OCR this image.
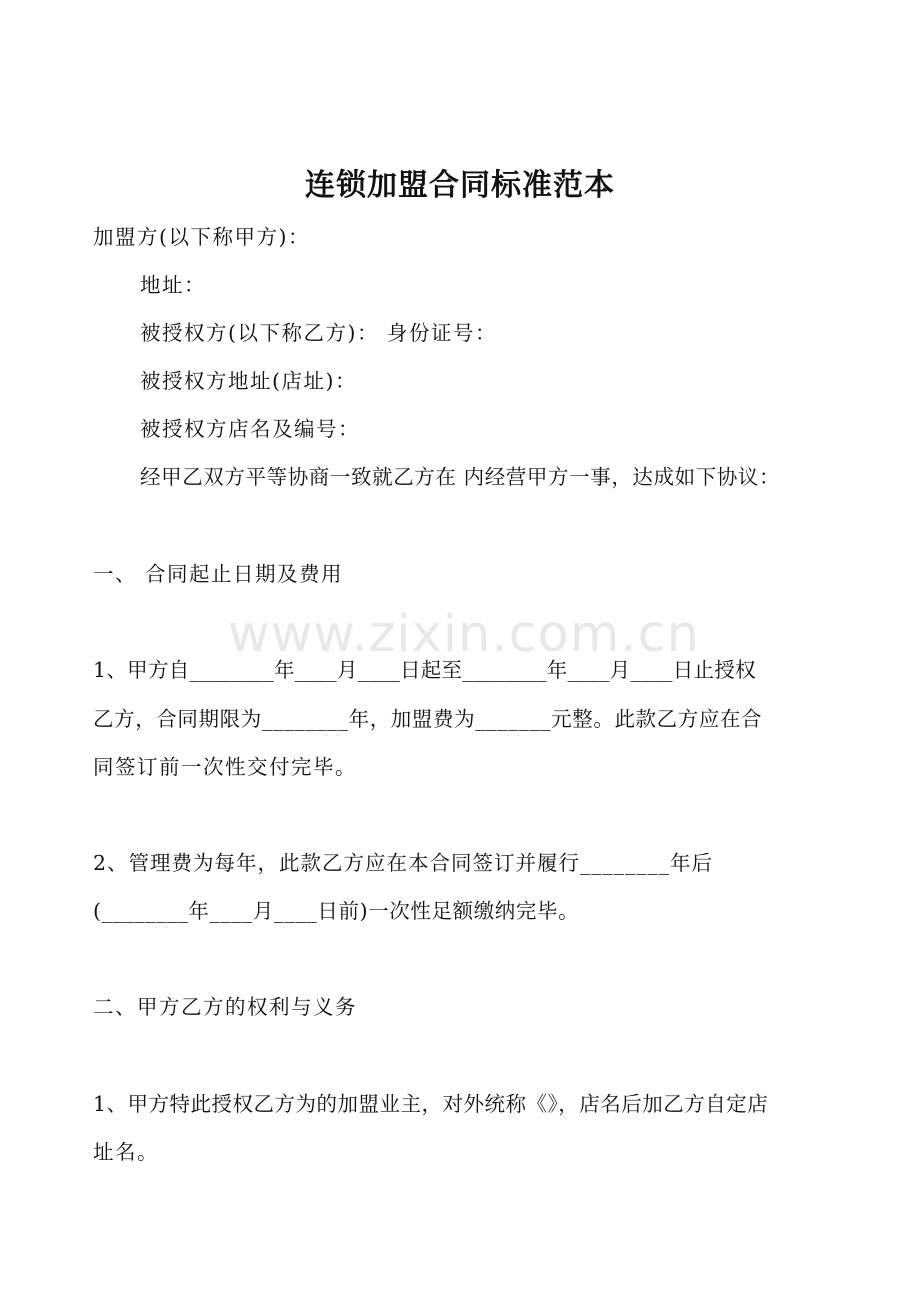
连锁加盟合同标准范本
加盟方(以下称甲方)：
地址：
被授权方(以下称乙方)： 身份证号：
被授权方地址(店址)：
被授权方店名及编号：
经甲乙双方平等协商一致就乙方在 内经营甲方一事，达成如下协议：
一、 合同起止日期及费用
1、甲方自________年____月____日起至________年____月____日止授权
乙方，合同期限为________年，加盟费为_______元整。此款乙方应在合
同签订前一次性交付完毕。
2、管理费为每年，此款乙方应在本合同签订并履行________年后
(________年____月____日前)一次性足额缴纳完毕。
二、甲方乙方的权利与义务
1、甲方特此授权乙方为的加盟业主，对外统称《》，店名后加乙方自定店
址名。
www.zixin.com.cn
